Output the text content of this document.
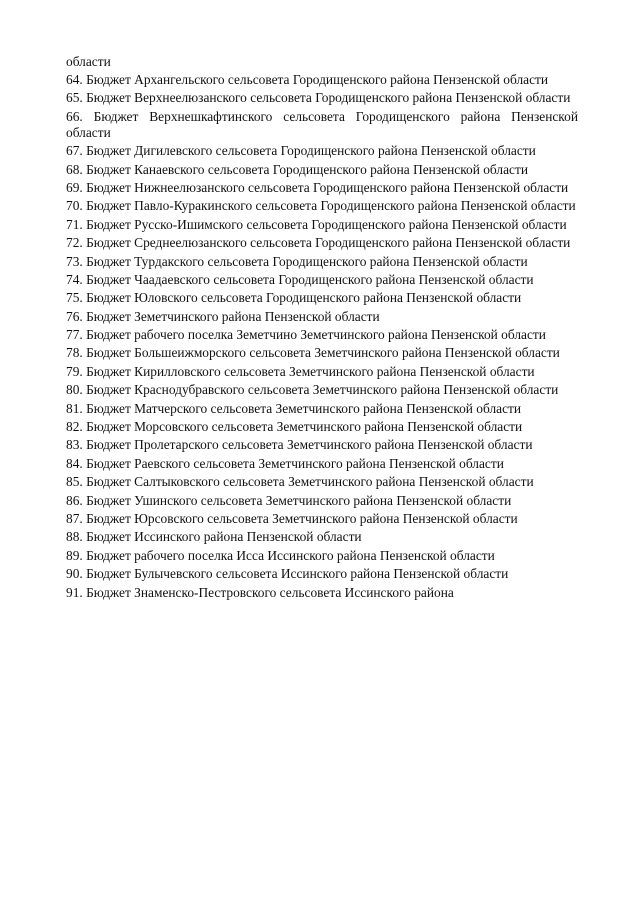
области
64. Бюджет Архангельского сельсовета Городищенского района Пензенской области
65. Бюджет Верхнеелюзанского сельсовета Городищенского района Пензенской области
66. Бюджет Верхнешкафтинского сельсовета Городищенского района Пензенской области
67. Бюджет Дигилевского сельсовета Городищенского района Пензенской области
68. Бюджет Канаевского сельсовета Городищенского района Пензенской области
69. Бюджет Нижнеелюзанского сельсовета Городищенского района Пензенской области
70. Бюджет Павло-Куракинского сельсовета Городищенского района Пензенской области
71. Бюджет Русско-Ишимского сельсовета Городищенского района Пензенской области
72. Бюджет Среднеелюзанского сельсовета Городищенского района Пензенской области
73. Бюджет Турдакского сельсовета Городищенского района Пензенской области
74. Бюджет Чаадаевского сельсовета Городищенского района Пензенской области
75. Бюджет Юловского сельсовета Городищенского района Пензенской области
76. Бюджет Земетчинского района Пензенской области
77. Бюджет рабочего поселка Земетчино Земетчинского района Пензенской области
78. Бюджет Большеижморского сельсовета Земетчинского района Пензенской области
79. Бюджет Кирилловского сельсовета Земетчинского района Пензенской области
80. Бюджет Краснодубравского сельсовета Земетчинского района Пензенской области
81. Бюджет Матчерского сельсовета Земетчинского района Пензенской области
82. Бюджет Морсовского сельсовета Земетчинского района Пензенской области
83. Бюджет Пролетарского сельсовета Земетчинского района Пензенской области
84. Бюджет Раевского сельсовета Земетчинского района Пензенской области
85. Бюджет Салтыковского сельсовета Земетчинского района Пензенской области
86. Бюджет Ушинского сельсовета Земетчинского района Пензенской области
87. Бюджет Юрсовского сельсовета Земетчинского района Пензенской области
88. Бюджет Иссинского района Пензенской области
89. Бюджет рабочего поселка Исса Иссинского района Пензенской области
90. Бюджет Булычевского сельсовета Иссинского района Пензенской области
91. Бюджет Знаменско-Пестровского сельсовета Иссинского района
